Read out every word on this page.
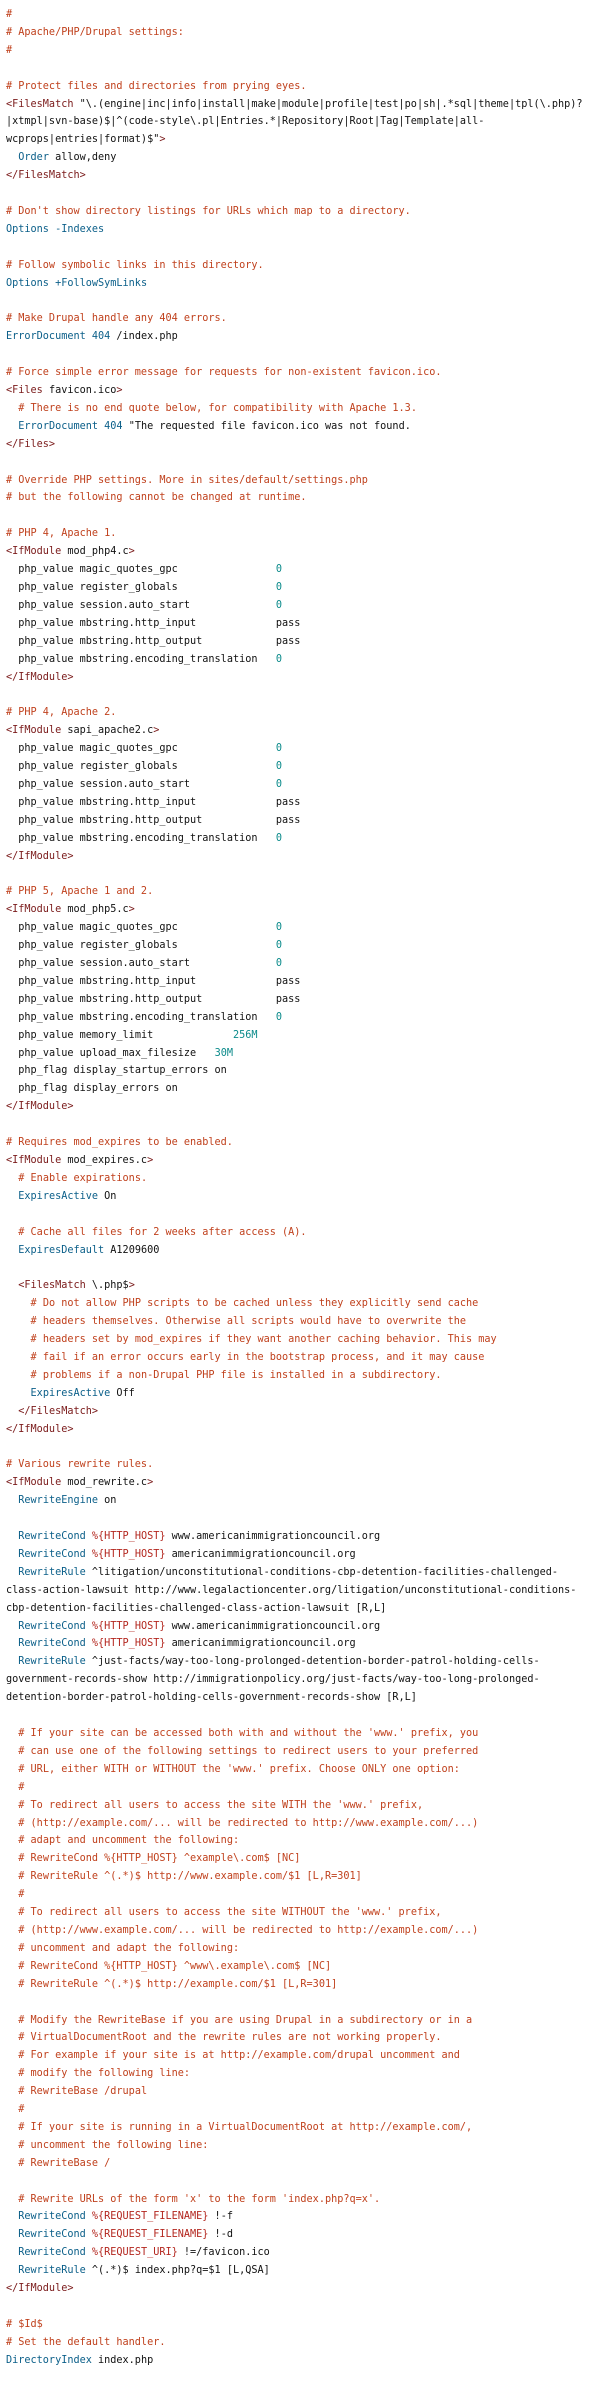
#
# Apache/PHP/Drupal settings:
#

# Protect files and directories from prying eyes.
<FilesMatch "\.(engine|inc|info|install|make|module|profile|test|po|sh|.*sql|theme|tpl(\.php)?|xtmpl|svn-base)$|^(code-style\.pl|Entries.*|Repository|Root|Tag|Template|all-wcprops|entries|format)$">
Order allow,deny
</FilesMatch>

# Don't show directory listings for URLs which map to a directory.
Options -Indexes

# Follow symbolic links in this directory.
Options +FollowSymLinks

# Make Drupal handle any 404 errors.
ErrorDocument 404 /index.php

# Force simple error message for requests for non-existent favicon.ico.
<Files favicon.ico>
# There is no end quote below, for compatibility with Apache 1.3.
ErrorDocument 404 "The requested file favicon.ico was not found.
</Files>

# Override PHP settings. More in sites/default/settings.php
# but the following cannot be changed at runtime.

# PHP 4, Apache 1.
<IfModule mod_php4.c>
php_value magic_quotes_gpc                0
php_value register_globals                0
php_value session.auto_start              0
php_value mbstring.http_input             pass
php_value mbstring.http_output            pass
php_value mbstring.encoding_translation   0
</IfModule>

# PHP 4, Apache 2.
<IfModule sapi_apache2.c>
php_value magic_quotes_gpc                0
php_value register_globals                0
php_value session.auto_start              0
php_value mbstring.http_input             pass
php_value mbstring.http_output            pass
php_value mbstring.encoding_translation   0
</IfModule>

# PHP 5, Apache 1 and 2.
<IfModule mod_php5.c>
php_value magic_quotes_gpc                0
php_value register_globals                0
php_value session.auto_start              0
php_value mbstring.http_input             pass
php_value mbstring.http_output            pass
php_value mbstring.encoding_translation   0
php_value memory_limit             256M
php_value upload_max_filesize   30M
php_flag display_startup_errors on
php_flag display_errors on
</IfModule>

# Requires mod_expires to be enabled.
<IfModule mod_expires.c>
# Enable expirations.
ExpiresActive On

# Cache all files for 2 weeks after access (A).
ExpiresDefault A1209600

<FilesMatch \.php$>
# Do not allow PHP scripts to be cached unless they explicitly send cache
# headers themselves. Otherwise all scripts would have to overwrite the
# headers set by mod_expires if they want another caching behavior. This may
# fail if an error occurs early in the bootstrap process, and it may cause
# problems if a non-Drupal PHP file is installed in a subdirectory.
ExpiresActive Off
</FilesMatch>
</IfModule>

# Various rewrite rules.
<IfModule mod_rewrite.c>
RewriteEngine on

RewriteCond %{HTTP_HOST} www.americanimmigrationcouncil.org
RewriteCond %{HTTP_HOST} americanimmigrationcouncil.org
RewriteRule ^litigation/unconstitutional-conditions-cbp-detention-facilities-challenged-class-action-lawsuit http://www.legalactioncenter.org/litigation/unconstitutional-conditions-cbp-detention-facilities-challenged-class-action-lawsuit [R,L]
RewriteCond %{HTTP_HOST} www.americanimmigrationcouncil.org
RewriteCond %{HTTP_HOST} americanimmigrationcouncil.org
RewriteRule ^just-facts/way-too-long-prolonged-detention-border-patrol-holding-cells-government-records-show http://immigrationpolicy.org/just-facts/way-too-long-prolonged-detention-border-patrol-holding-cells-government-records-show [R,L]

# If your site can be accessed both with and without the 'www.' prefix, you
# can use one of the following settings to redirect users to your preferred
# URL, either WITH or WITHOUT the 'www.' prefix. Choose ONLY one option:
#
# To redirect all users to access the site WITH the 'www.' prefix,
# (http://example.com/... will be redirected to http://www.example.com/...)
# adapt and uncomment the following:
# RewriteCond %{HTTP_HOST} ^example\.com$ [NC]
# RewriteRule ^(.*)$ http://www.example.com/$1 [L,R=301]
#
# To redirect all users to access the site WITHOUT the 'www.' prefix,
# (http://www.example.com/... will be redirected to http://example.com/...)
# uncomment and adapt the following:
# RewriteCond %{HTTP_HOST} ^www\.example\.com$ [NC]
# RewriteRule ^(.*)$ http://example.com/$1 [L,R=301]

# Modify the RewriteBase if you are using Drupal in a subdirectory or in a
# VirtualDocumentRoot and the rewrite rules are not working properly.
# For example if your site is at http://example.com/drupal uncomment and
# modify the following line:
# RewriteBase /drupal
#
# If your site is running in a VirtualDocumentRoot at http://example.com/,
# uncomment the following line:
# RewriteBase /

# Rewrite URLs of the form 'x' to the form 'index.php?q=x'.
RewriteCond %{REQUEST_FILENAME} !-f
RewriteCond %{REQUEST_FILENAME} !-d
RewriteCond %{REQUEST_URI} !=/favicon.ico
RewriteRule ^(.*)$ index.php?q=$1 [L,QSA]
</IfModule>

# $Id$
# Set the default handler.
DirectoryIndex index.php
